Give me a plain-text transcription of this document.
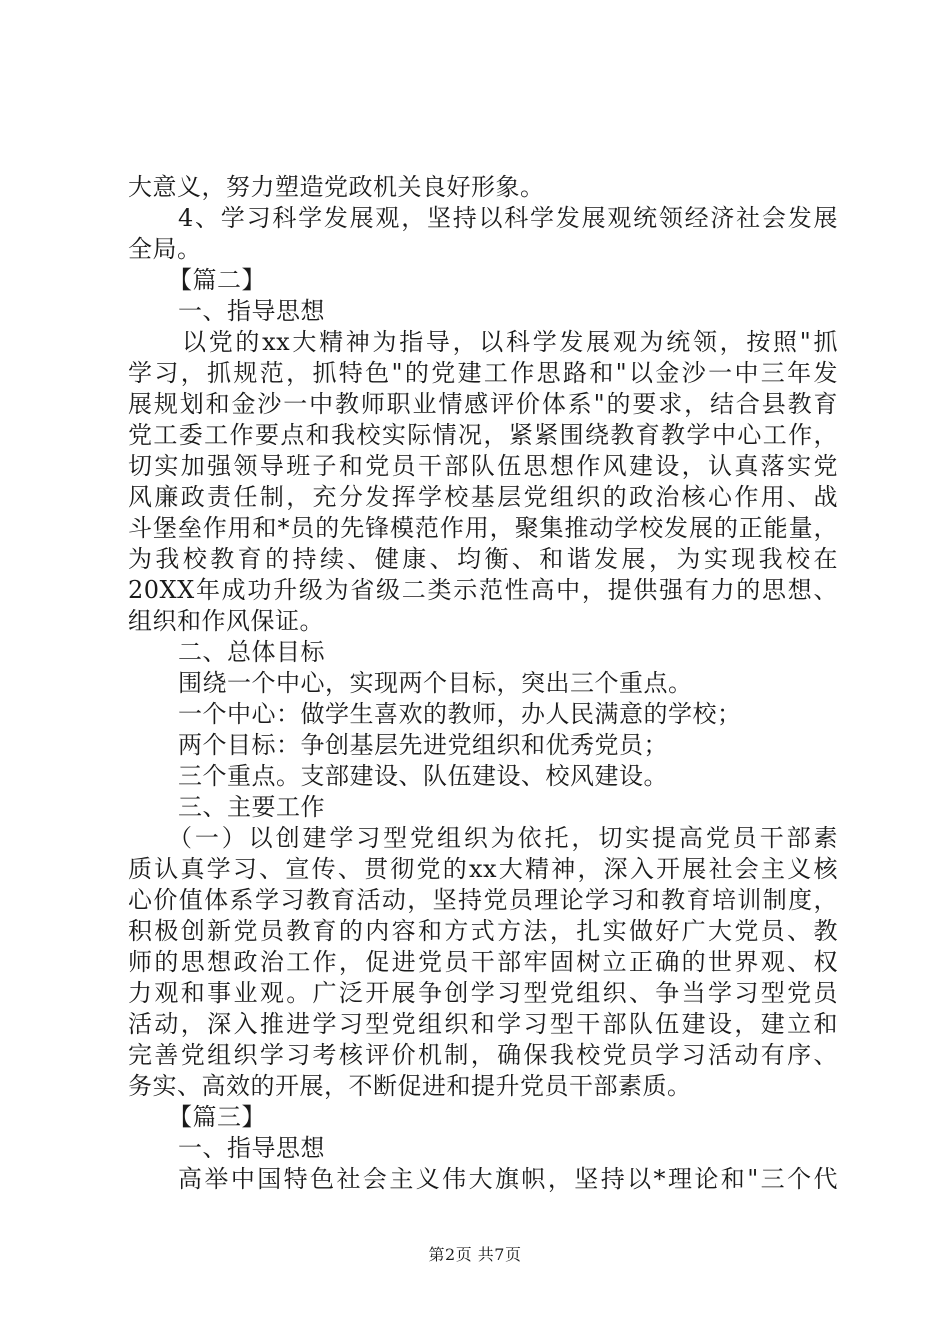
大意义，努力塑造党政机关良好形象。
4、学习科学发展观，坚持以科学发展观统领经济社会发展
全局。
【篇二】
一、指导思想
以党的xx大精神为指导，以科学发展观为统领，按照"抓
学习，抓规范，抓特色"的党建工作思路和"以金沙一中三年发
展规划和金沙一中教师职业情感评价体系"的要求，结合县教育
党工委工作要点和我校实际情况，紧紧围绕教育教学中心工作，
切实加强领导班子和党员干部队伍思想作风建设，认真落实党
风廉政责任制，充分发挥学校基层党组织的政治核心作用、战
斗堡垒作用和*员的先锋模范作用，聚集推动学校发展的正能量，
为我校教育的持续、健康、均衡、和谐发展，为实现我校在
20XX年成功升级为省级二类示范性高中，提供强有力的思想、
组织和作风保证。
二、总体目标
围绕一个中心，实现两个目标，突出三个重点。
一个中心：做学生喜欢的教师，办人民满意的学校；
两个目标：争创基层先进党组织和优秀党员；
三个重点。支部建设、队伍建设、校风建设。
三、主要工作
（一）以创建学习型党组织为依托，切实提高党员干部素
质认真学习、宣传、贯彻党的xx大精神，深入开展社会主义核
心价值体系学习教育活动，坚持党员理论学习和教育培训制度，
积极创新党员教育的内容和方式方法，扎实做好广大党员、教
师的思想政治工作，促进党员干部牢固树立正确的世界观、权
力观和事业观。广泛开展争创学习型党组织、争当学习型党员
活动，深入推进学习型党组织和学习型干部队伍建设，建立和
完善党组织学习考核评价机制，确保我校党员学习活动有序、
务实、高效的开展，不断促进和提升党员干部素质。
【篇三】
一、指导思想
高举中国特色社会主义伟大旗帜，坚持以*理论和"三个代
第2页 共7页
